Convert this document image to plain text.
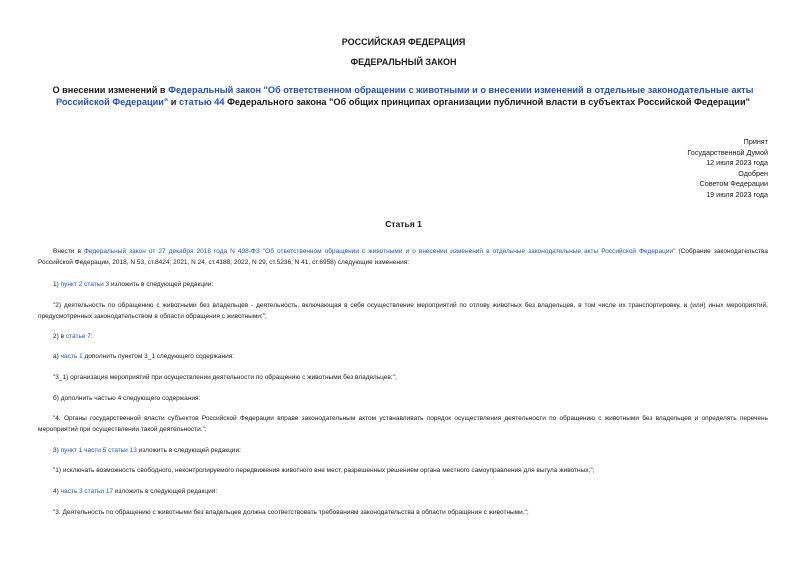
РОССИЙСКАЯ ФЕДЕРАЦИЯ
ФЕДЕРАЛЬНЫЙ ЗАКОН
О внесении изменений в Федеральный закон "Об ответственном обращении с животными и о внесении изменений в отдельные законодательные акты Российской Федерации" и статью 44 Федерального закона "Об общих принципах организации публичной власти в субъектах Российской Федерации"
Принят
Государственной Думой
12 июля 2023 года
Одобрен
Советом Федерации
19 июля 2023 года
Статья 1
Внести в Федеральный закон от 27 декабря 2018 года N 498-ФЗ "Об ответственном обращении с животными и о внесении изменений в отдельные законодательные акты Российской Федерации" (Собрание законодательства Российской Федерации, 2018, N 53, ст.8424; 2021, N 24, ст.4188; 2022, N 29, ст.5236; N 41, ст.6958) следующие изменения:
1) пункт 2 статьи 3 изложить в следующей редакции:
"2) деятельность по обращению с животными без владельцев - деятельность, включающая в себя осуществление мероприятий по отлову животных без владельцев, в том числе их транспортировку, и (или) иных мероприятий, предусмотренных законодательством в области обращения с животными;";
2) в статье 7:
а) часть 1 дополнить пунктом 3_1 следующего содержания:
"3_1) организация мероприятий при осуществлении деятельности по обращению с животными без владельцев;";
б) дополнить частью 4 следующего содержания:
"4. Органы государственной власти субъектов Российской Федерации вправе законодательным актом устанавливать порядок осуществления деятельности по обращению с животными без владельцев и определять перечень мероприятий при осуществлении такой деятельности.";
3) пункт 1 части 5 статьи 13 изложить в следующей редакции:
"1) исключать возможность свободного, неконтролируемого передвижения животного вне мест, разрешенных решением органа местного самоуправления для выгула животных;";
4) часть 3 статьи 17 изложить в следующей редакции:
"3. Деятельность по обращению с животными без владельцев должна соответствовать требованиям законодательства в области обращения с животными.";
